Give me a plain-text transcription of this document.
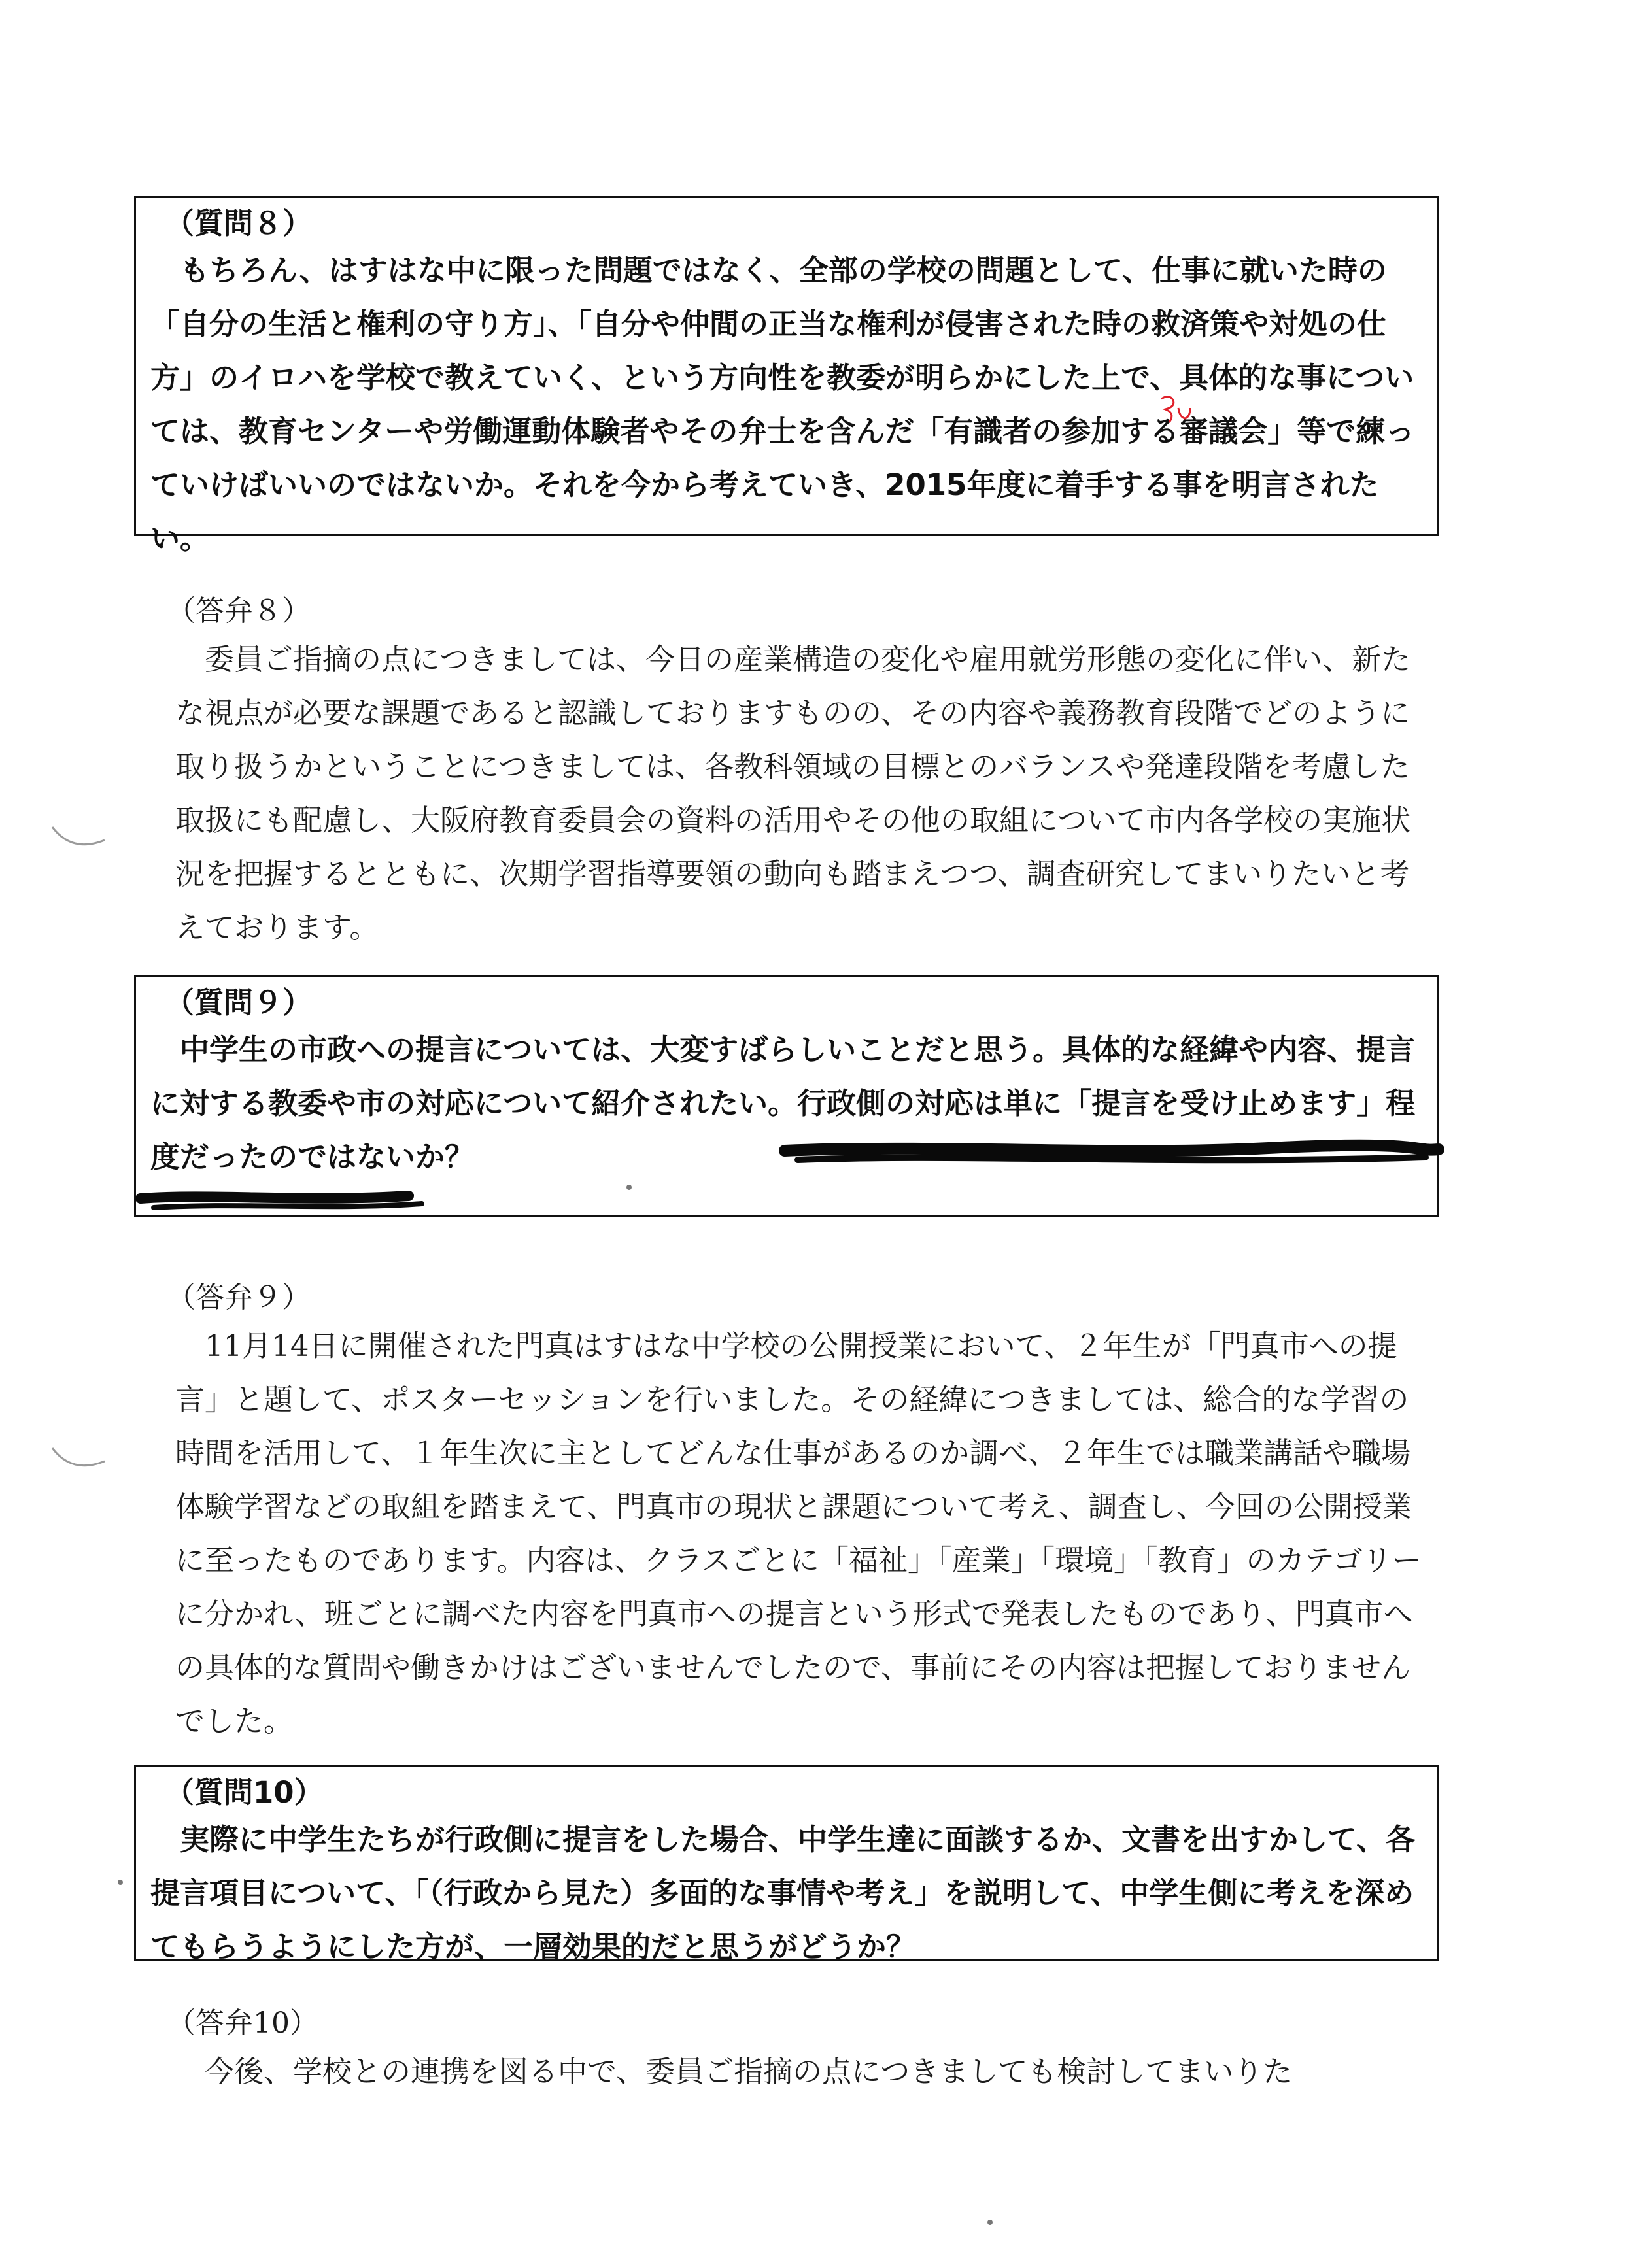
（質問８）
もちろん、はすはな中に限った問題ではなく、全部の学校の問題として、仕事に就いた時の「自分の生活と権利の守り方」、「自分や仲間の正当な権利が侵害された時の救済策や対処の仕方」のイロハを学校で教えていく、という方向性を教委が明らかにした上で、具体的な事については、教育センターや労働運動体験者やその弁士を含んだ「有識者の参加する審議会」等で練っていけばいいのではないか。それを今から考えていき、2015年度に着手する事を明言されたい。
（答弁８）
委員ご指摘の点につきましては、今日の産業構造の変化や雇用就労形態の変化に伴い、新たな視点が必要な課題であると認識しておりますものの、その内容や義務教育段階でどのように取り扱うかということにつきましては、各教科領域の目標とのバランスや発達段階を考慮した取扱にも配慮し、大阪府教育委員会の資料の活用やその他の取組について市内各学校の実施状況を把握するとともに、次期学習指導要領の動向も踏まえつつ、調査研究してまいりたいと考えております。
（質問９）
中学生の市政への提言については、大変すばらしいことだと思う。具体的な経緯や内容、提言に対する教委や市の対応について紹介されたい。行政側の対応は単に「提言を受け止めます」程度だったのではないか？
（答弁９）
11月14日に開催された門真はすはな中学校の公開授業において、２年生が「門真市への提言」と題して、ポスターセッションを行いました。その経緯につきましては、総合的な学習の時間を活用して、１年生次に主としてどんな仕事があるのか調べ、２年生では職業講話や職場体験学習などの取組を踏まえて、門真市の現状と課題について考え、調査し、今回の公開授業に至ったものであります。内容は、クラスごとに「福祉」「産業」「環境」「教育」のカテゴリーに分かれ、班ごとに調べた内容を門真市への提言という形式で発表したものであり、門真市への具体的な質問や働きかけはございませんでしたので、事前にその内容は把握しておりませんでした。
（質問10）
実際に中学生たちが行政側に提言をした場合、中学生達に面談するか、文書を出すかして、各提言項目について、「（行政から見た）多面的な事情や考え」を説明して、中学生側に考えを深めてもらうようにした方が、一層効果的だと思うがどうか？
（答弁10）
今後、学校との連携を図る中で、委員ご指摘の点につきましても検討してまいりた
